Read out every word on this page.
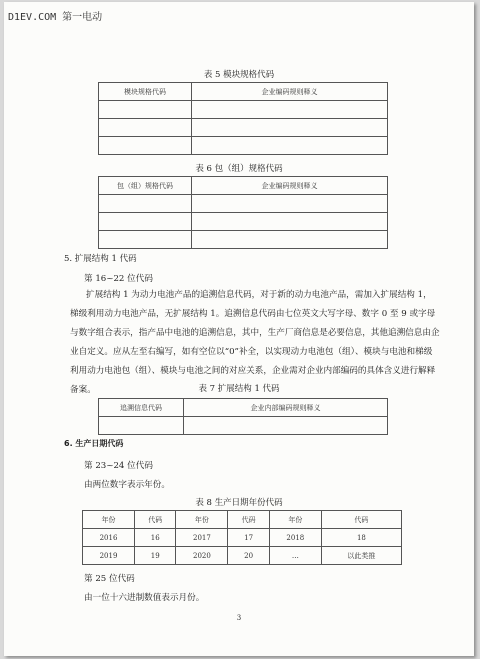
D1EV.COM 第一电动
表 5 模块规格代码
模块规格代码	企业编码规则释义

表 6 包（组）规格代码
包（组）规格代码	企业编码规则释义

5. 扩展结构 1 代码
第 16~22 位代码

扩展结构 1 为动力电池产品的追溯信息代码，对于新的动力电池产品，需加入扩展结构 1，梯级利用动力电池产品，无扩展结构 1。追溯信息代码由七位英文大写字母、数字 0 至 9 或字母与数字组合表示，指产品中电池的追溯信息，其中，生产厂商信息是必要信息，其他追溯信息由企业自定义。应从左至右编写，如有空位以“0”补全，以实现动力电池包（组）、模块与电池和梯级利用动力电池包（组）、模块与电池之间的对应关系，企业需对企业内部编码的具体含义进行解释备案。	表 7 扩展结构 1 代码
追溯信息代码	企业内部编码规则释义

6. 生产日期代码
第 23~24 位代码
由两位数字表示年份。
表 8 生产日期年份代码
年份	代码	年份	代码	年份	代码
2016	16	2017	17	2018	18
2019	19	2020	20	…	以此类推
第 25 位代码
由一位十六进制数值表示月份。
3
